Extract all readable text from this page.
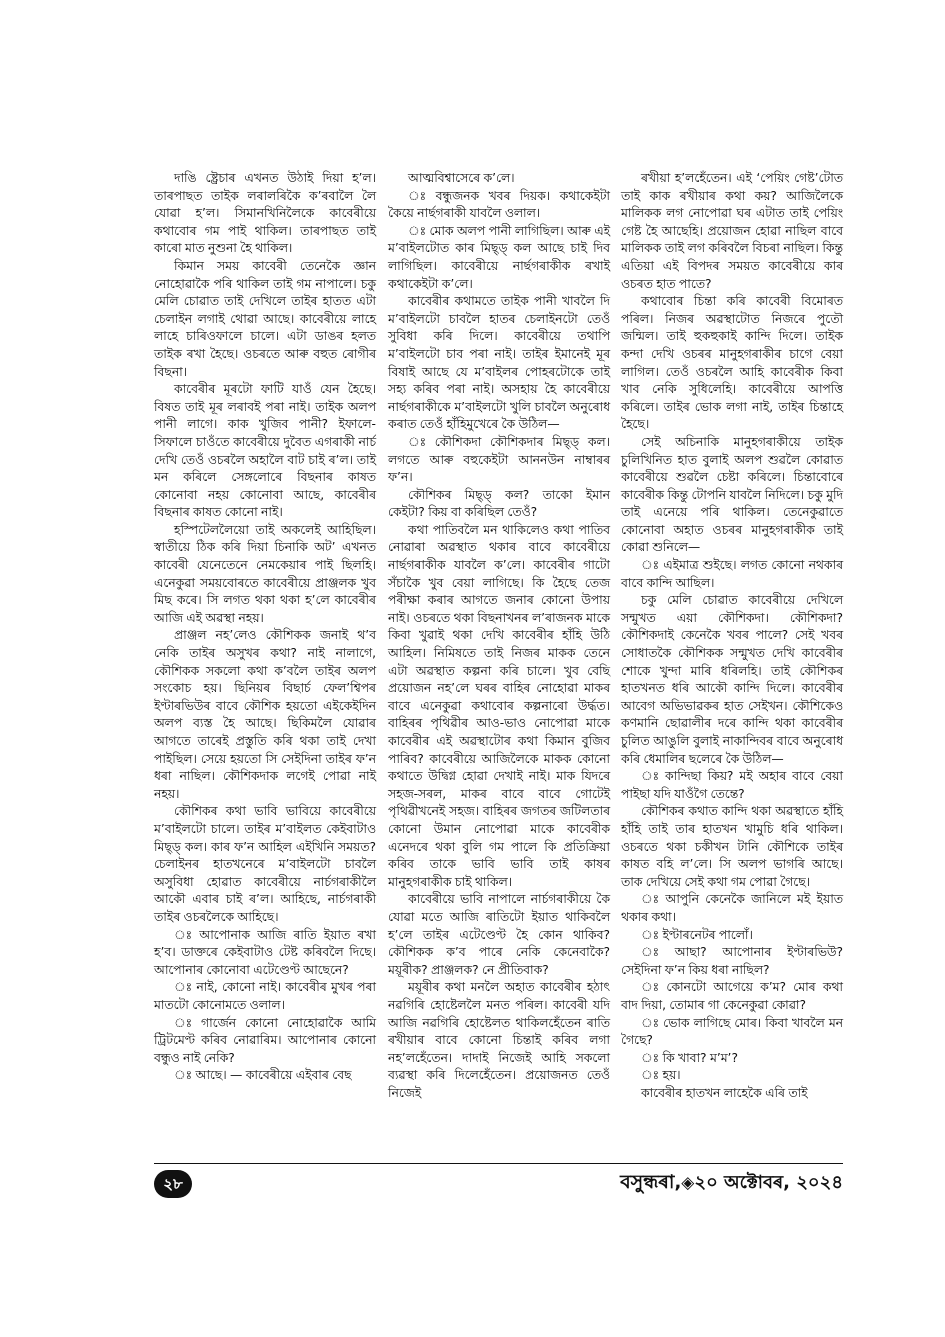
দাঙি ষ্ট্ৰেচাৰ এখনত উঠাই দিয়া হ’ল। তাৰপাছত তাইক লৰালৰিকৈ ক’ৰবালৈ লৈ যোৱা হ’ল। সিমানখিনিলৈকে কাবেৰীয়ে কথাবোৰ গম পাই থাকিল। তাৰপাছত তাই কাৰো মাত নুশুনা হৈ থাকিল।

কিমান সময় কাবেৰী তেনেকৈ জ্ঞান নোহোৱাকৈ পৰি থাকিল তাই গম নাপালে। চকু মেলি চোৱাত তাই দেখিলে তাইৰ হাতত এটা চেলাইন লগাই থোৱা আছে। কাবেৰীয়ে লাহে লাহে চাৰিওফালে চালে। এটা ডাঙৰ হলত তাইক ৰখা হৈছে। ওচৰতে আৰু বহুত ৰোগীৰ বিছনা।

কাবেৰীৰ মূৰটো ফাটি যাওঁ যেন হৈছে। বিষত তাই মূৰ লৰাবই পৰা নাই। তাইক অলপ পানী লাগে। কাক খুজিব পানী? ইফালে-সিফালে চাওঁতে কাবেৰীয়ে দুবৈত এগৰাকী নাৰ্চ দেখি তেওঁ ওচৰলৈ অহালৈ বাট চাই ৰ’ল। তাই মন কৰিলে সেঙ্গলোৰে বিছনাৰ কাষত কোনোবা নহয় কোনোবা আছে, কাবেৰীৰ বিছনাৰ কাষত কোনো নাই।

হস্পিটেললৈয়ো তাই অকলেই আহিছিল। স্বাতীয়ে ঠিক কৰি দিয়া চিনাকি অট’ এখনত কাবেৰী যেনেতেনে নেমকেয়াৰ পাই ছিলহি। এনেকুৱা সময়বোৰতে কাবেৰীয়ে প্ৰাঞ্জলক খুব মিছ কৰে। সি লগত থকা থকা হ’লে কাবেৰীৰ আজি এই অৱস্থা নহয়।

প্ৰাঞ্জল নহ’লেও কৌশিকক জনাই থ’ব নেকি তাইৰ অসুখৰ কথা? নাই নালাগে, কৌশিকক সকলো কথা ক’বলৈ তাইৰ অলপ সংকোচ হয়। ছিনিয়ৰ বিছাৰ্চ ফেল’শ্বিপৰ ইণ্টাৰভিউৰ বাবে কৌশিক হয়তো এইকেইদিন অলপ ব্যস্ত হৈ আছে। ছিকিমলৈ যোৱাৰ আগতে তাৰেই প্ৰস্তুতি কৰি থকা তাই দেখা পাইছিল। সেয়ে হয়তো সি সেইদিনা তাইৰ ফ’ন ধৰা নাছিল। কৌশিকদাক লগেই পোৱা নাই নহয়।

কৌশিকৰ কথা ভাবি ভাবিয়ে কাবেৰীয়ে ম’বাইলটো চালে। তাইৰ ম’বাইলত কেইবাটাও মিছ্‌ড্‌ কল। কাৰ ফ’ন আহিল এইখিনি সময়ত? চেলাইনৰ হাতখনেৰে ম’বাইলটো চাবলৈ অসুবিধা হোৱাত কাবেৰীয়ে নাৰ্চগৰাকীলৈ আকৌ এবাৰ চাই ৰ’ল। আহিছে, নাৰ্চগৰাকী তাইৰ ওচৰলৈকে আহিছে।

ঃ আপোনাক আজি ৰাতি ইয়াত ৰখা হ’ব। ডাক্তৰে কেইবাটাও টেষ্ট কৰিবলৈ দিছে। আপোনাৰ কোনোবা এটেণ্ডেণ্ট আছেনে?

ঃ নাই, কোনো নাই। কাবেৰীৰ মুখৰ পৰা মাতটো কোনোমতে ওলাল।

ঃ গাৰ্জেন কোনো নোহোৱাকৈ আমি ট্ৰিটমেণ্ট কৰিব নোৱাৰিম। আপোনাৰ কোনো বন্ধুও নাই নেকি?

ঃ আছে। — কাবেৰীয়ে এইবাৰ বেছ

আত্মবিশ্বাসেৰে ক’লে।

ঃ বন্ধুজনক খবৰ দিয়ক। কথাকেইটা কৈয়ে নাৰ্ছগৰাকী যাবলৈ ওলাল।

ঃ মোক অলপ পানী লাগিছিল। আৰু এই ম’বাইলটোত কাৰ মিছ্‌ড্‌ কল আছে চাই দিব লাগিছিল। কাবেৰীয়ে নাৰ্ছগৰাকীক ৰখাই কথাকেইটা ক’লে।

কাবেৰীৰ কথামতে তাইক পানী খাবলৈ দি ম’বাইলটো চাবলৈ হাতৰ চেলাইনটো তেওঁ সুবিধা কৰি দিলে। কাবেৰীয়ে তথাপি ম’বাইলটো চাব পৰা নাই। তাইৰ ইমানেই মূৰ বিষাই আছে যে ম’বাইলৰ পোহৰটোকে তাই সহ্য কৰিব পৰা নাই। অসহায় হৈ কাবেৰীয়ে নাৰ্ছগৰাকীকে ম’বাইলটো খুলি চাবলৈ অনুৰোধ কৰাত তেওঁ হাঁহিমুখেৰে কৈ উঠিল—

ঃ কৌশিকদা কৌশিকদাৰ মিছ্‌ড্‌ কল। লগতে আৰু বহুকেইটা আননউন নাম্বাৰৰ ফ’ন।

কৌশিকৰ মিছ্‌ড্‌ কল? তাকো ইমান কেইটা? কিয় বা কৰিছিল তেওঁ?

কথা পাতিবলৈ মন থাকিলেও কথা পাতিব নোৱাৰা অৱস্থাত থকাৰ বাবে কাবেৰীয়ে নাৰ্ছগৰাকীক যাবলৈ ক’লে। কাবেৰীৰ গাটো সঁচাকৈ খুব বেয়া লাগিছে। কি হৈছে তেজ পৰীক্ষা কৰাৰ আগতে জনাৰ কোনো উপায় নাই। ওচৰতে থকা বিছনাখনৰ ল’ৰাজনক মাকে কিবা খুৱাই থকা দেখি কাবেৰীৰ হাঁহি উঠি আহিল। নিমিষতে তাই নিজৰ মাকক তেনে এটা অৱস্থাত কল্পনা কৰি চালে। খুব বেছি প্ৰয়োজন নহ’লে ঘৰৰ বাহিৰ নোহোৱা মাকৰ বাবে এনেকুৱা কথাবোৰ কল্পনাৰো উৰ্দ্ধত। বাহিৰৰ পৃথিৱীৰ আও-ভাও নোপোৱা মাকে কাবেৰীৰ এই অৱস্থাটোৰ কথা কিমান বুজিব পাৰিব? কাবেৰীয়ে আজিলৈকে মাকক কোনো কথাতে উদ্বিগ্ন হোৱা দেখাই নাই। মাক যিদৰে সহজ-সৰল, মাকৰ বাবে বাবে গোটেই পৃথিৱীখনেই সহজ। বাহিৰৰ জগতৰ জটিলতাৰ কোনো উমান নোপোৱা মাকে কাবেৰীক এনেদৰে থকা বুলি গম পালে কি প্ৰতিক্ৰিয়া কৰিব তাকে ভাবি ভাবি তাই কাষৰ মানুহগৰাকীক চাই থাকিল।

কাবেৰীয়ে ভাবি নাপালে নাৰ্চগৰাকীয়ে কৈ যোৱা মতে আজি ৰাতিটো ইয়াত থাকিবলৈ হ’লে তাইৰ এটেণ্ডেণ্ট হৈ কোন থাকিব? কৌশিকক ক’ব পাৰে নেকি কেনেবাকৈ? ময়ূৰীক? প্ৰাঞ্জলক? নে প্ৰীতিবাক?

ময়ূৰীৰ কথা মনলৈ অহাত কাবেৰীৰ হঠাৎ নৱগিৰি হোষ্টেললৈ মনত পৰিল। কাবেৰী যদি আজি নৱগিৰি হোষ্টেলত থাকিলহেঁতেন ৰাতি ৰখীয়াৰ বাবে কোনো চিন্তাই কৰিব লগা নহ’লহেঁতেন। দাদাই নিজেই আহি সকলো ব্যৱস্থা কৰি দিলেহেঁতেন। প্ৰয়োজনত তেওঁ নিজেই

ৰখীয়া হ’লহেঁতেন। এই ‘পেয়িং গেষ্ট’টোত তাই কাক ৰখীয়াৰ কথা কয়? আজিলৈকে মালিকক লগ নোপোৱা ঘৰ এটাত তাই পেয়িং গেষ্ট হৈ আছেহি। প্ৰয়োজন হোৱা নাছিল বাবে মালিকক তাই লগ কৰিবলৈ বিচৰা নাছিল। কিন্তু এতিয়া এই বিপদৰ সময়ত কাবেৰীয়ে কাৰ ওচৰত হাত পাতে?

কথাবোৰ চিন্তা কৰি কাবেৰী বিমোৰত পৰিল। নিজৰ অৱস্থাটোত নিজৰে পুতৌ জন্মিল। তাই হুকহুকাই কান্দি দিলে। তাইক কন্দা দেখি ওচৰৰ মানুহগৰাকীৰ চাগে বেয়া লাগিল। তেওঁ ওচৰলৈ আহি কাবেৰীক কিবা খাব নেকি সুধিলেহি। কাবেৰীয়ে আপত্তি কৰিলে। তাইৰ ভোক লগা নাই, তাইৰ চিন্তাহে হৈছে।

সেই অচিনাকি মানুহগৰাকীয়ে তাইক চুলিখিনিত হাত বুলাই অলপ শুৱলৈ কোৱাত কাবেৰীয়ে শুৱলৈ চেষ্টা কৰিলে। চিন্তাবোৰে কাবেৰীক কিন্তু টোপনি যাবলৈ নিদিলে। চকু মুদি তাই এনেয়ে পৰি থাকিল। তেনেকুৱাতে কোনোবা অহাত ওচৰৰ মানুহগৰাকীক তাই কোৱা শুনিলে—

ঃ এইমাত্ৰ শুইছে। লগত কোনো নথকাৰ বাবে কান্দি আছিল।

চকু মেলি চোৱাত কাবেৰীয়ে দেখিলে সন্মুখত এয়া কৌশিকদা। কৌশিকদা? কৌশিকদাই কেনেকৈ খবৰ পালে? সেই খবৰ সোধাতকৈ কৌশিকক সন্মুখত দেখি কাবেৰীৰ শোকে খুন্দা মাৰি ধৰিলহি। তাই কৌশিকৰ হাতখনত ধৰি আকৌ কান্দি দিলে। কাবেৰীৰ আবেগ অভিভাৱকৰ হাত সেইখন। কৌশিকেও কণমানি ছোৱালীৰ দৰে কান্দি থকা কাবেৰীৰ চুলিত আঙুলি বুলাই নাকান্দিবৰ বাবে অনুৰোধ কৰি ধেমালিৰ ছলেৰে কৈ উঠিল—

ঃ কান্দিছা কিয়? মই অহাৰ বাবে বেয়া পাইছা যদি যাওঁগৈ তেন্তে?

কৌশিকৰ কথাত কান্দি থকা অৱস্থাতে হাঁহি হাঁহি তাই তাৰ হাতখন খামুচি ধৰি থাকিল। ওচৰতে থকা চকীখন টানি কৌশিকে তাইৰ কাষত বহি ল’লে। সি অলপ ভাগৰি আছে। তাক দেখিয়ে সেই কথা গম পোৱা গৈছে।

ঃ আপুনি কেনেকৈ জানিলে মই ইয়াত থকাৰ কথা।

ঃ ইণ্টাৰনেটৰ পালোঁ।

ঃ আছা? আপোনাৰ ইণ্টাৰভিউ? সেইদিনা ফ’ন কিয় ধৰা নাছিল?

ঃ কোনটো আগেয়ে ক’ম? মোৰ কথা বাদ দিয়া, তোমাৰ গা কেনেকুৱা কোৱা?

ঃ ভোক লাগিছে মোৰ। কিবা খাবলৈ মন গৈছে?

ঃ কি খাবা? ম’ম’?

ঃ হয়।

কাবেৰীৰ হাতখন লাহেকৈ এৰি তাই

২৮	বসুন্ধৰা,◈২০ অক্টোবৰ, ২০২৪
